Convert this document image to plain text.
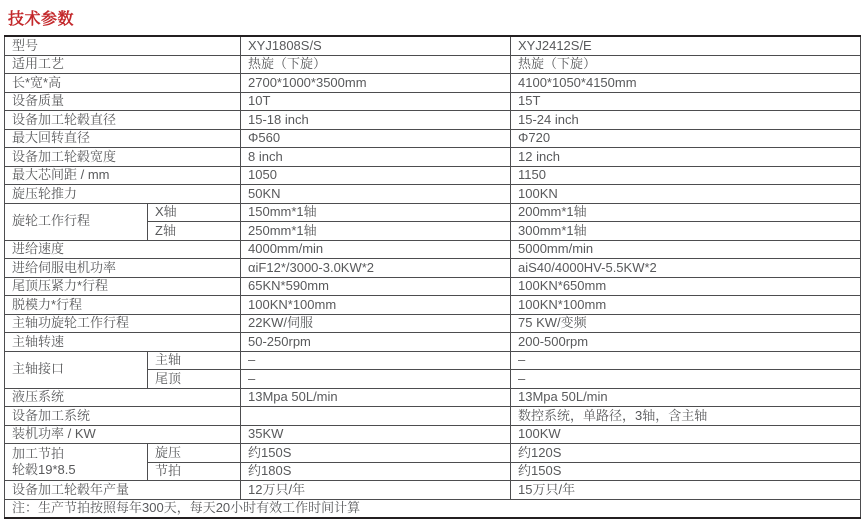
技术参数
型号		XYJ1808S/S	XYJ2412S/E
适用工艺		热旋（下旋）	热旋（下旋）
长*宽*高		2700*1000*3500mm	4100*1050*4150mm
设备质量		10T	15T
设备加工轮毂直径		15-18 inch	15-24 inch
最大回转直径		Φ560	Φ720
设备加工轮毂宽度		8 inch	12 inch
最大芯间距 / mm		1050	1150
旋压轮推力		50KN	100KN
旋轮工作行程	X轴	150mm*1轴	200mm*1轴
	Z轴	250mm*1轴	300mm*1轴
进给速度		4000mm/min	5000mm/min
进给伺服电机功率		αiF12*/3000-3.0KW*2	aiS40/4000HV-5.5KW*2
尾顶压紧力*行程		65KN*590mm	100KN*650mm
脱模力*行程		100KN*100mm	100KN*100mm
主轴功旋轮工作行程		22KW/伺服	75 KW/变频
主轴转速		50-250rpm	200-500rpm
主轴接口	主轴	–	–
	尾顶	–	–
液压系统		13Mpa 50L/min	13Mpa 50L/min
设备加工系统			数控系统，单路径，3轴，含主轴
装机功率 / KW		35KW	100KW

加工节拍
轮毂19*8.5	旋压	约150S	约120S
	节拍	约180S	约150S
设备加工轮毂年产量		12万只/年	15万只/年
注：生产节拍按照每年300天，每天20小时有效工作时间计算			
